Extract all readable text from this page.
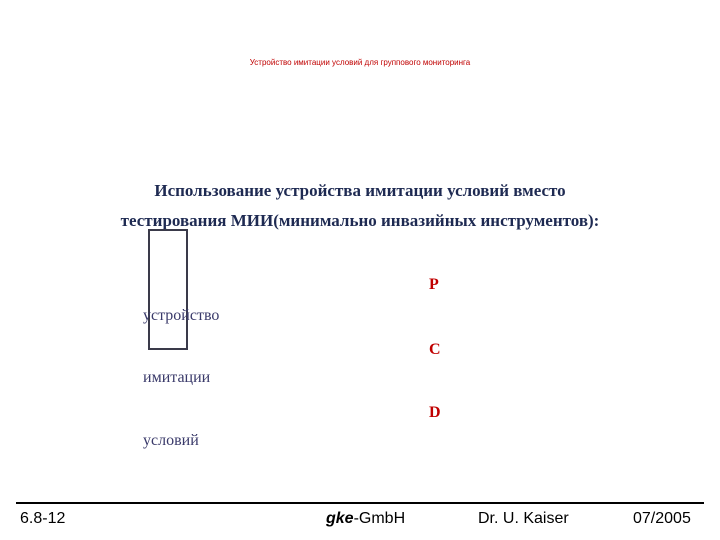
Устройство имитации условий для группового мониторинга
Использование устройства имитации условий вместо
тестирования МИИ(минимально инвазийных инструментов):
устройство
имитации
условий
P
C
D
6.8-12	gke-GmbH	Dr. U. Kaiser	07/2005
